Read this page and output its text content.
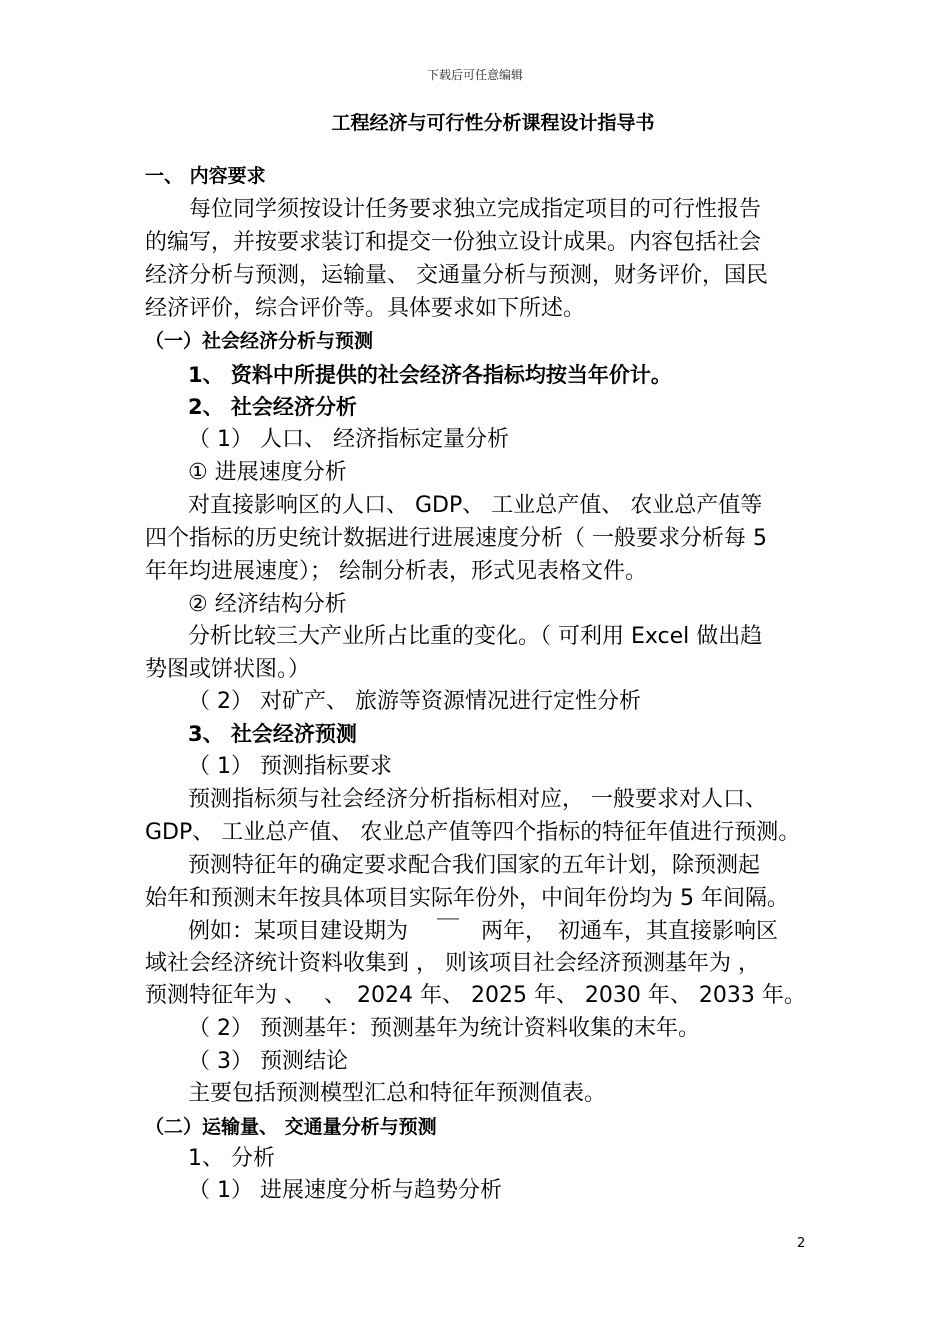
下载后可任意编辑
工程经济与可行性分析课程设计指导书
一、 内容要求
每位同学须按设计任务要求独立完成指定项目的可行性报告
的编写，并按要求装订和提交一份独立设计成果。内容包括社会
经济分析与预测，运输量、 交通量分析与预测，财务评价，国民
经济评价，综合评价等。具体要求如下所述。
（一）社会经济分析与预测
1、 资料中所提供的社会经济各指标均按当年价计。
2、 社会经济分析
（ 1） 人口、 经济指标定量分析
① 进展速度分析
对直接影响区的人口、 GDP、 工业总产值、 农业总产值等
四个指标的历史统计数据进行进展速度分析（ 一般要求分析每 5
年年均进展速度）； 绘制分析表，形式见表格文件。
② 经济结构分析
分析比较三大产业所占比重的变化。（ 可利用 Excel 做出趋
势图或饼状图。）
（ 2） 对矿产、 旅游等资源情况进行定性分析
3、 社会经济预测
（ 1） 预测指标要求
预测指标须与社会经济分析指标相对应， 一般要求对人口、
GDP、 工业总产值、 农业总产值等四个指标的特征年值进行预测。
预测特征年的确定要求配合我们国家的五年计划，除预测起
始年和预测末年按具体项目实际年份外，中间年份均为 5 年间隔。
例如：某项目建设期为　 ￣　两年，　初通车，其直接影响区
域社会经济统计资料收集到 ， 则该项目社会经济预测基年为 ，
预测特征年为 、　 、　2024 年、 2025 年、 2030 年、 2033 年。
（ 2） 预测基年：预测基年为统计资料收集的末年。
（ 3） 预测结论
主要包括预测模型汇总和特征年预测值表。
（二）运输量、 交通量分析与预测
1、 分析
（ 1） 进展速度分析与趋势分析
2
